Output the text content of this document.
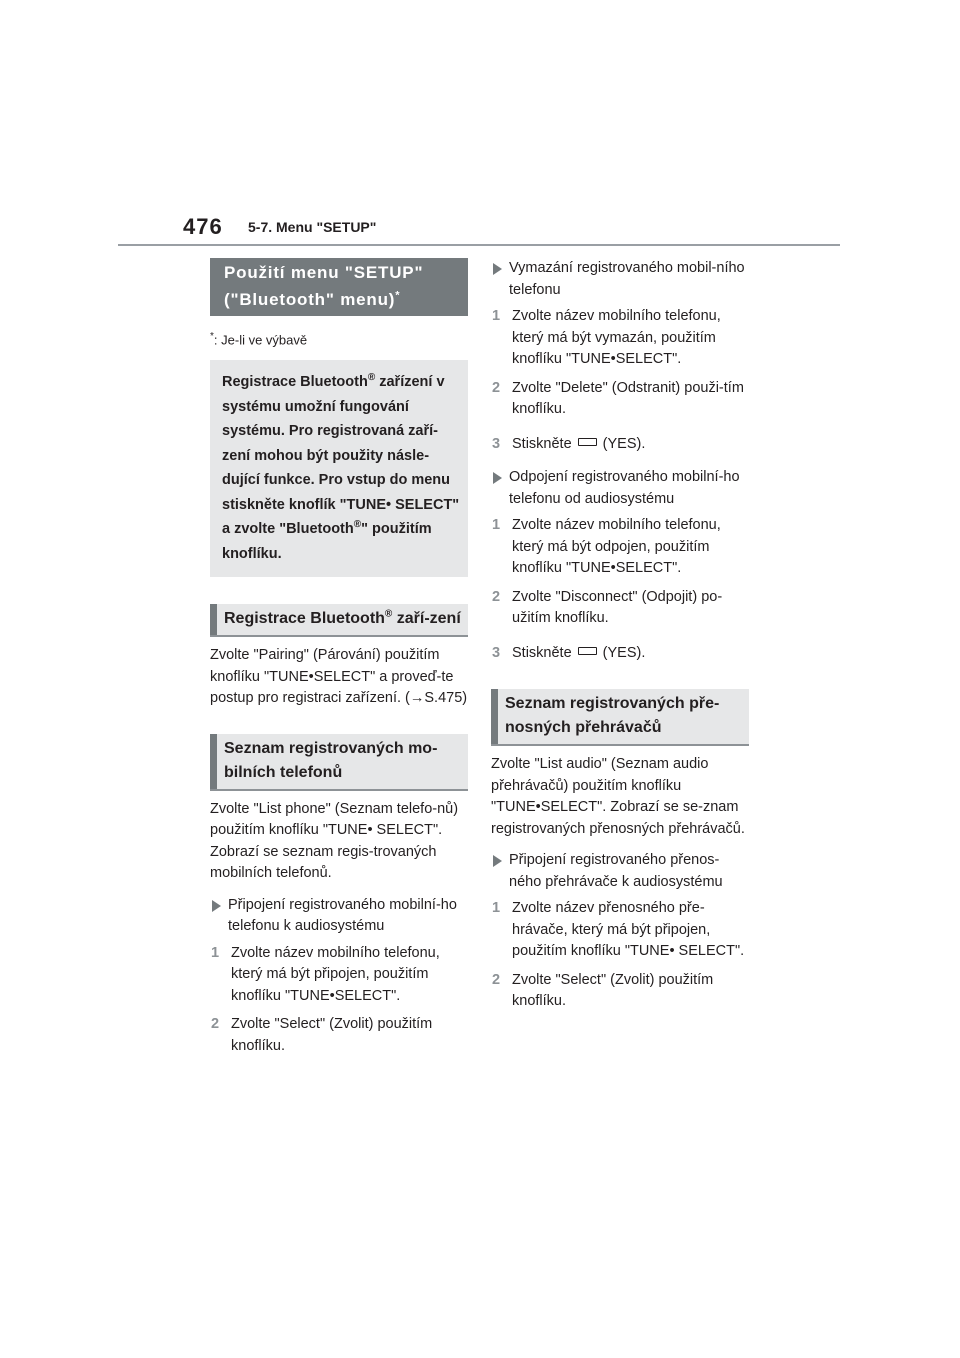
476 5-7. Menu "SETUP"
Použití menu "SETUP" ("Bluetooth" menu)*
*: Je-li ve výbavě
Registrace Bluetooth® zařízení v systému umožní fungování systému. Pro registrovaná zaří-zení mohou být použity násle-dující funkce. Pro vstup do menu stiskněte knoflík "TUNE• SELECT" a zvolte "Bluetooth®" použitím knoflíku.
Registrace Bluetooth® zaří-zení
Zvolte "Pairing" (Párování) použitím knoflíku "TUNE•SELECT" a proveď-te postup pro registraci zařízení. (→S.475)
Seznam registrovaných mo-bilních telefonů
Zvolte "List phone" (Seznam telefo-nů) použitím knoflíku "TUNE• SELECT". Zobrazí se seznam regis-trovaných mobilních telefonů.
Připojení registrovaného mobilní-ho telefonu k audiosystému
1 Zvolte název mobilního telefonu, který má být připojen, použitím knoflíku "TUNE•SELECT".
2 Zvolte "Select" (Zvolit) použitím knoflíku.
Vymazání registrovaného mobil-ního telefonu
1 Zvolte název mobilního telefonu, který má být vymazán, použitím knoflíku "TUNE•SELECT".
2 Zvolte "Delete" (Odstranit) použi-tím knoflíku.
3 Stiskněte (YES).
Odpojení registrovaného mobilní-ho telefonu od audiosystému
1 Zvolte název mobilního telefonu, který má být odpojen, použitím knoflíku "TUNE•SELECT".
2 Zvolte "Disconnect" (Odpojit) po-užitím knoflíku.
3 Stiskněte (YES).
Seznam registrovaných pře-nosných přehrávačů
Zvolte "List audio" (Seznam audio přehrávačů) použitím knoflíku "TUNE•SELECT". Zobrazí se se-znam registrovaných přenosných přehrávačů.
Připojení registrovaného přenos-ného přehrávače k audiosystému
1 Zvolte název přenosného pře-hrávače, který má být připojen, použitím knoflíku "TUNE• SELECT".
2 Zvolte "Select" (Zvolit) použitím knoflíku.
